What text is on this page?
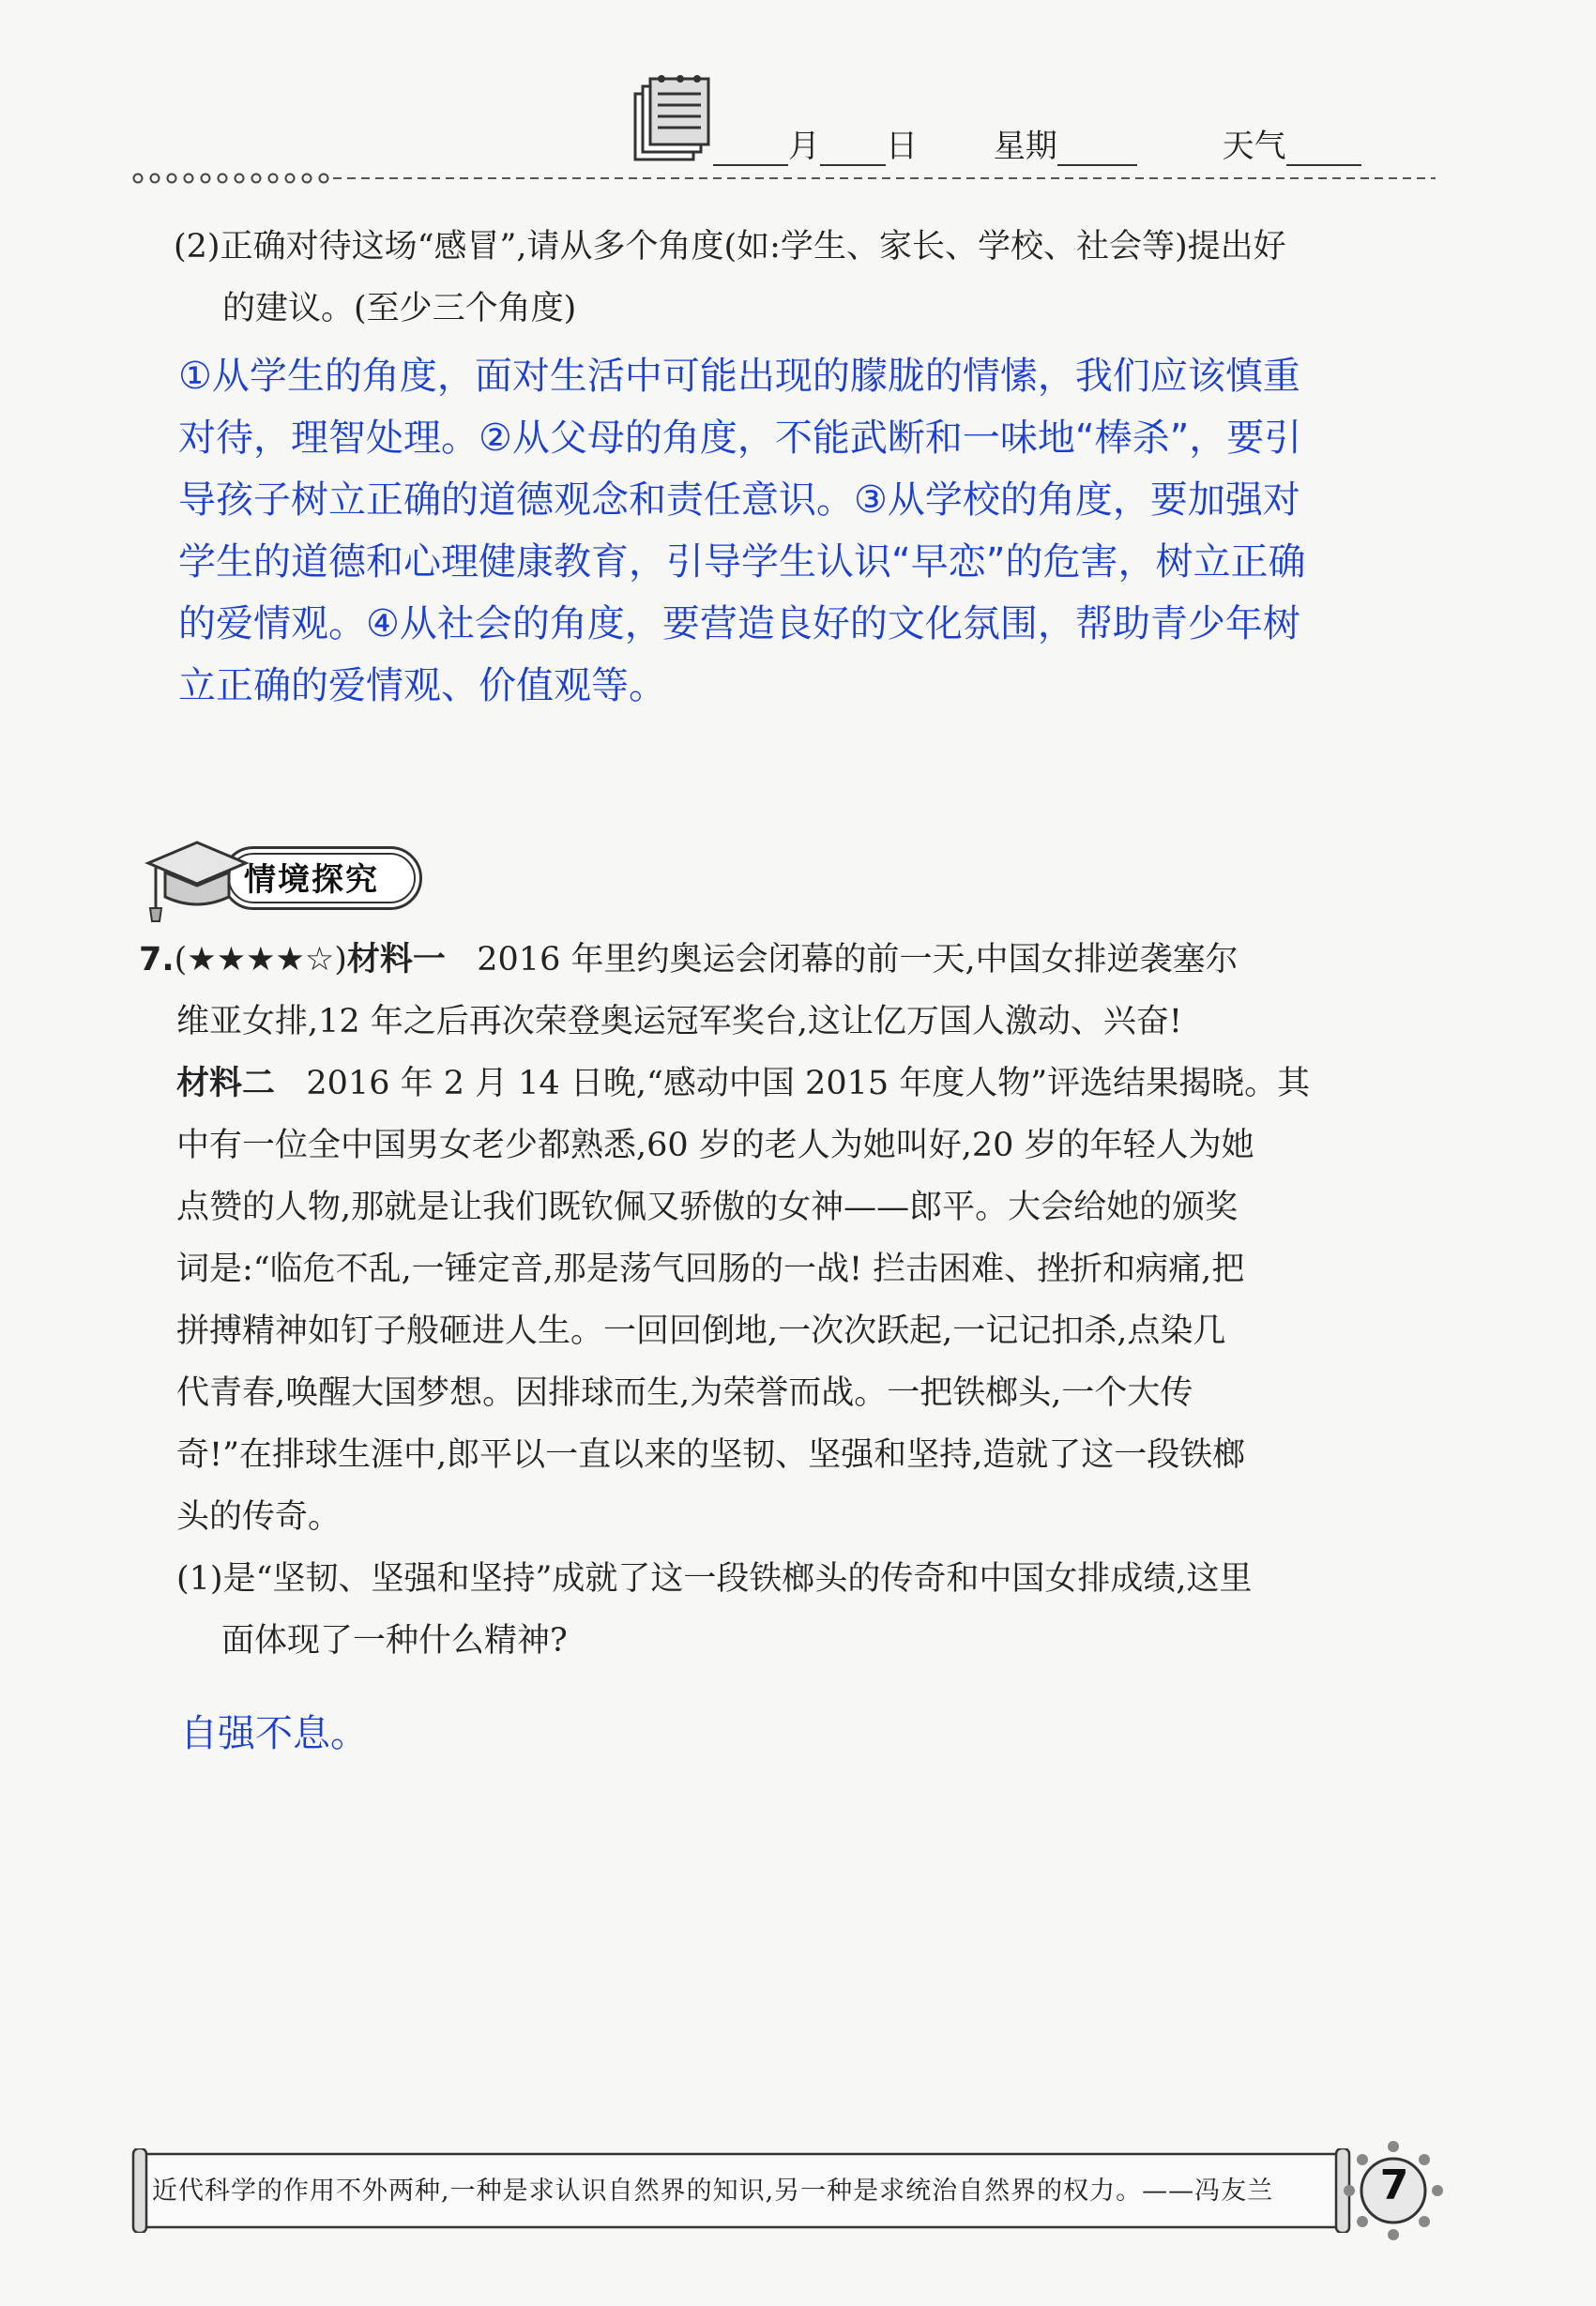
月 日 星期	天气
(2)正确对待这场“感冒”,请从多个角度(如:学生、家长、学校、社会等)提出好
的建议。(至少三个角度)
①从学生的角度，面对生活中可能出现的朦胧的情愫，我们应该慎重
对待，理智处理。②从父母的角度，不能武断和一味地“棒杀”，要引
导孩子树立正确的道德观念和责任意识。③从学校的角度，要加强对
学生的道德和心理健康教育，引导学生认识“早恋”的危害，树立正确
的爱情观。④从社会的角度，要营造良好的文化氛围，帮助青少年树
立正确的爱情观、价值观等。
情境探究
7.(★★★★☆)材料一 2016 年里约奥运会闭幕的前一天,中国女排逆袭塞尔
维亚女排,12 年之后再次荣登奥运冠军奖台,这让亿万国人激动、兴奋!
材料二 2016 年 2 月 14 日晚,“感动中国 2015 年度人物”评选结果揭晓。其
中有一位全中国男女老少都熟悉,60 岁的老人为她叫好,20 岁的年轻人为她
点赞的人物,那就是让我们既钦佩又骄傲的女神——郎平。大会给她的颁奖
词是:“临危不乱,一锤定音,那是荡气回肠的一战! 拦击困难、挫折和病痛,把
拼搏精神如钉子般砸进人生。一回回倒地,一次次跃起,一记记扣杀,点染几
代青春,唤醒大国梦想。因排球而生,为荣誉而战。一把铁榔头,一个大传
奇!”在排球生涯中,郎平以一直以来的坚韧、坚强和坚持,造就了这一段铁榔
头的传奇。
(1)是“坚韧、坚强和坚持”成就了这一段铁榔头的传奇和中国女排成绩,这里
面体现了一种什么精神?
自强不息。
近代科学的作用不外两种,一种是求认识自然界的知识,另一种是求统治自然界的权力。——冯友兰	7
